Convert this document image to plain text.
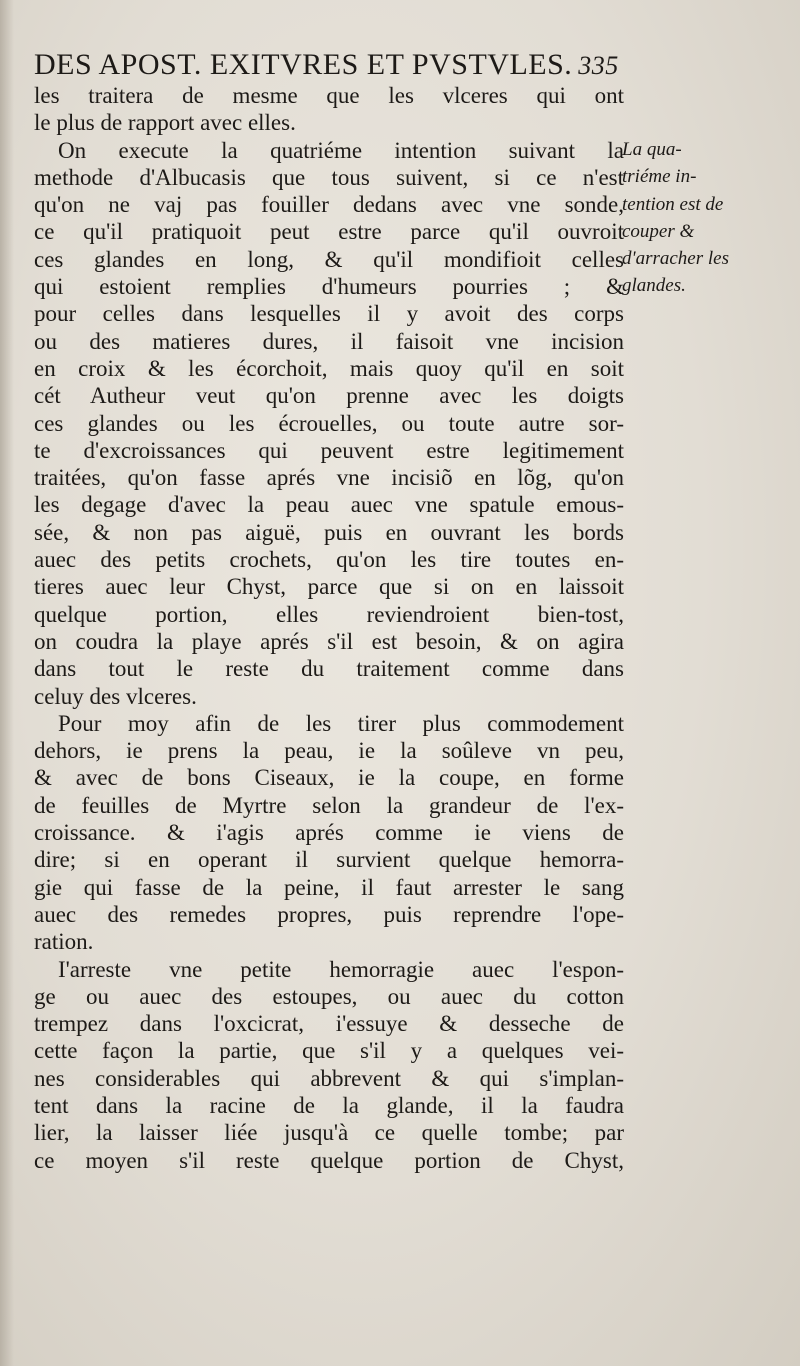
DES APOST. EXITVRES ET PVSTVLES. 335
les traitera de mesme que les vlceres qui ont
le plus de rapport avec elles.
On execute la quatriéme intention suivant la
methode d'Albucasis que tous suivent, si ce n'est
qu'on ne vaj pas fouiller dedans avec vne sonde,
ce qu'il pratiquoit peut estre parce qu'il ouvroit
ces glandes en long, & qu'il mondifioit celles
qui estoient remplies d'humeurs pourries ; &
pour celles dans lesquelles il y avoit des corps
ou des matieres dures, il faisoit vne incision
en croix & les écorchoit, mais quoy qu'il en soit
cét Autheur veut qu'on prenne avec les doigts
ces glandes ou les écrouelles, ou toute autre sor-
te d'excroissances qui peuvent estre legitimement
traitées, qu'on fasse aprés vne incisiõ en lõg, qu'on
les degage d'avec la peau auec vne spatule emous-
sée, & non pas aiguë, puis en ouvrant les bords
auec des petits crochets, qu'on les tire toutes en-
tieres auec leur Chyst, parce que si on en laissoit
quelque portion, elles reviendroient bien-tost,
on coudra la playe aprés s'il est besoin, & on agira
dans tout le reste du traitement comme dans
celuy des vlceres.
Pour moy afin de les tirer plus commodement
dehors, ie prens la peau, ie la soûleve vn peu,
& avec de bons Ciseaux, ie la coupe, en forme
de feuilles de Myrtre selon la grandeur de l'ex-
croissance. & i'agis aprés comme ie viens de
dire; si en operant il survient quelque hemorra-
gie qui fasse de la peine, il faut arrester le sang
auec des remedes propres, puis reprendre l'ope-
ration.
I'arreste vne petite hemorragie auec l'espon-
ge ou auec des estoupes, ou auec du cotton
trempez dans l'oxcicrat, i'essuye & desseche de
cette façon la partie, que s'il y a quelques vei-
nes considerables qui abbrevent & qui s'implan-
tent dans la racine de la glande, il la faudra
lier, la laisser liée jusqu'à ce quelle tombe; par
ce moyen s'il reste quelque portion de Chyst,
La qua-
triéme in-
tention est de
couper &
d'arracher les
glandes.
